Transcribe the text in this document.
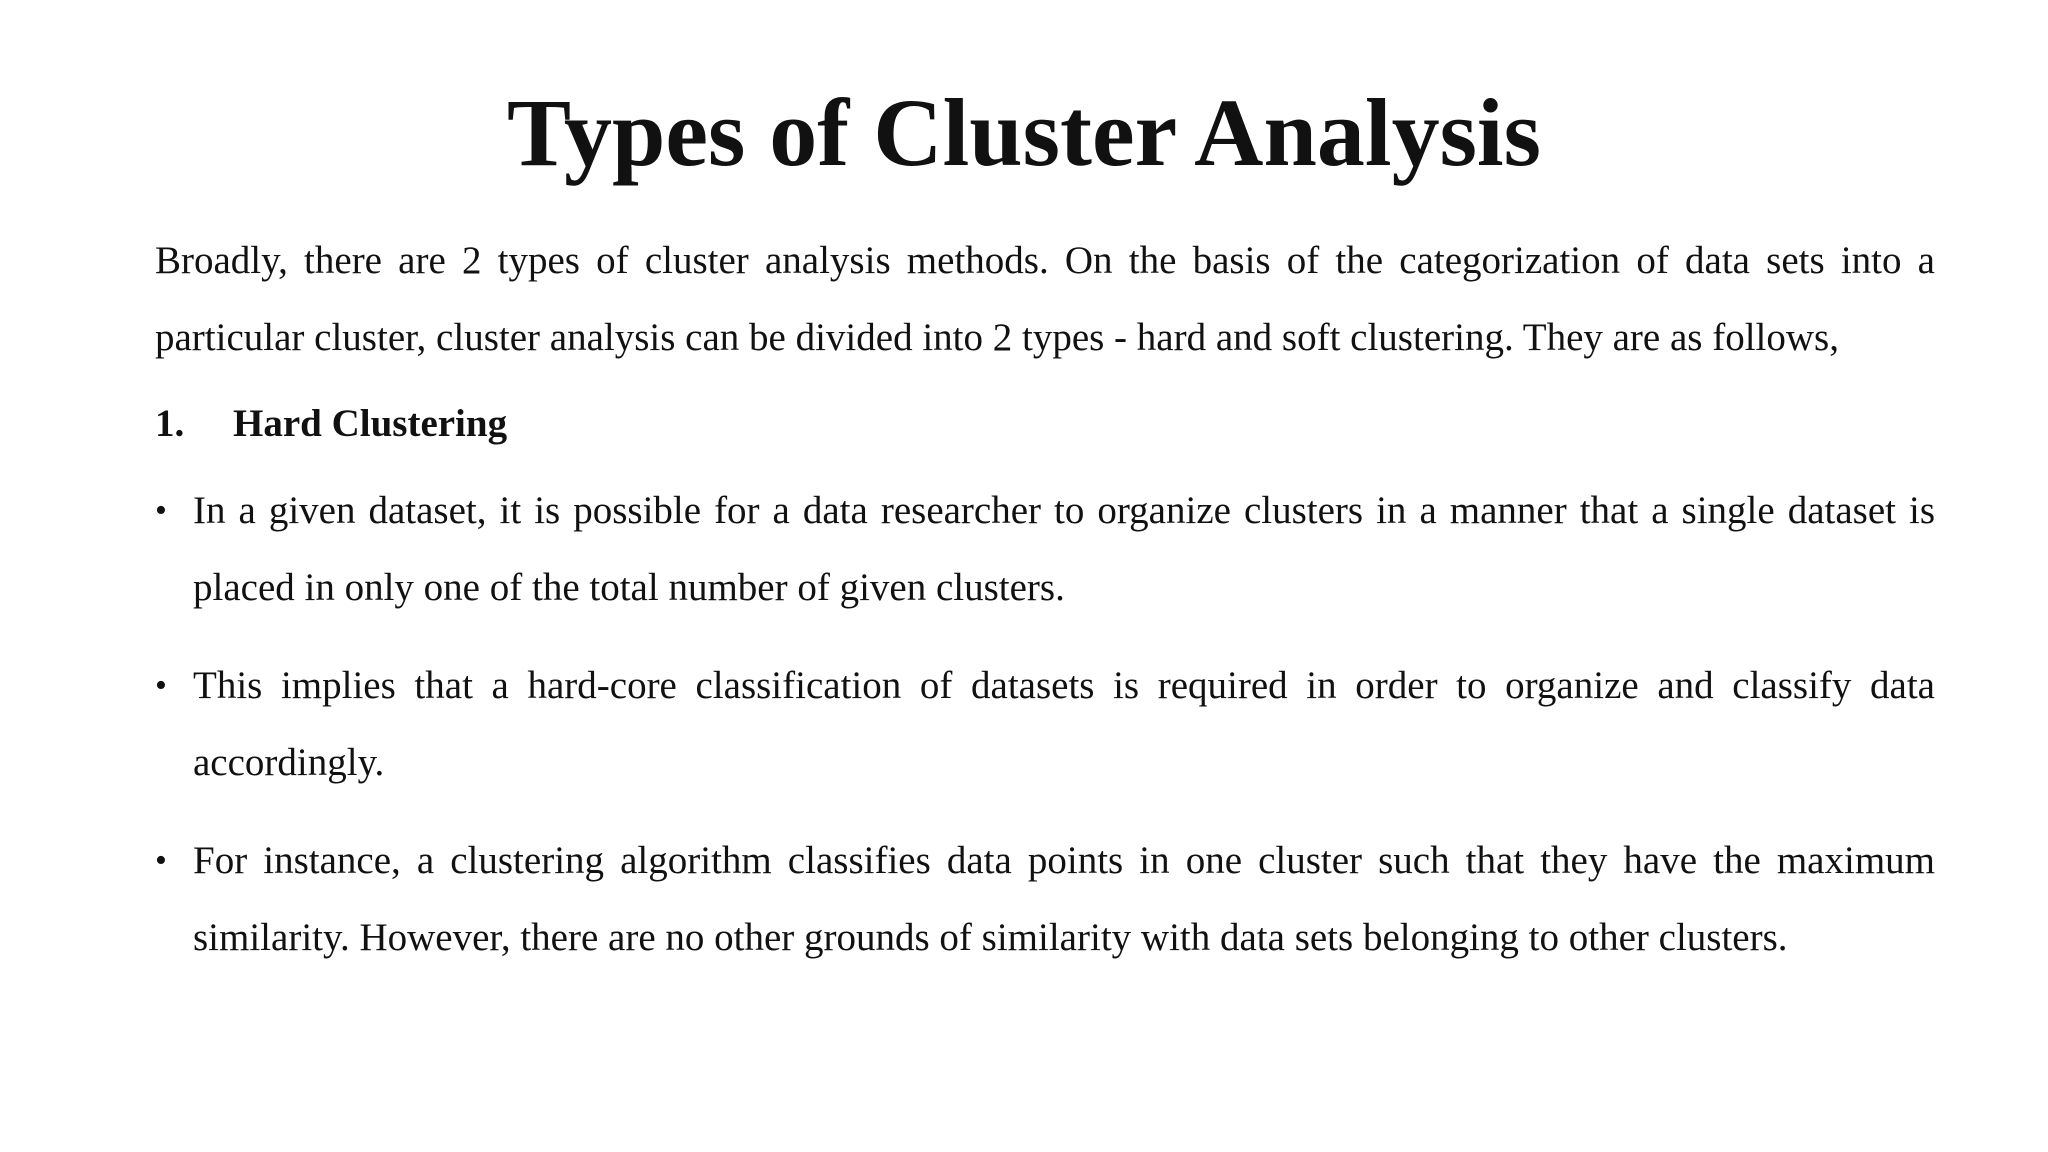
Types of Cluster Analysis

Broadly, there are 2 types of cluster analysis methods. On the basis of the categorization of data sets into a particular cluster, cluster analysis can be divided into 2 types - hard and soft clustering. They are as follows,

1.	Hard Clustering
• In a given dataset, it is possible for a data researcher to organize clusters in a manner that a single dataset is placed in only one of the total number of given clusters.
• This implies that a hard-core classification of datasets is required in order to organize and classify data accordingly.
• For instance, a clustering algorithm classifies data points in one cluster such that they have the maximum similarity. However, there are no other grounds of similarity with data sets belonging to other clusters.
